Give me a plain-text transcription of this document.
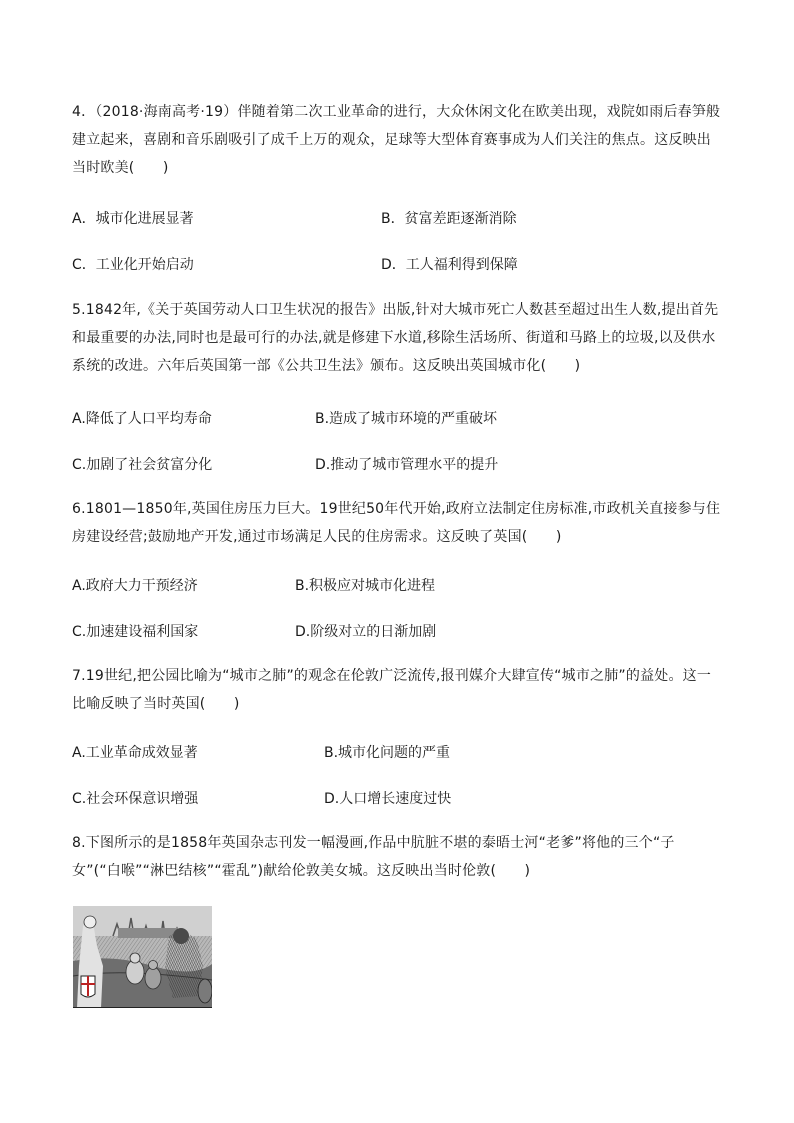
4．（2018·海南高考·19）伴随着第二次工业革命的进行，大众休闲文化在欧美出现，戏院如雨后春笋般建立起来，喜剧和音乐剧吸引了成千上万的观众，足球等大型体育赛事成为人们关注的焦点。这反映出当时欧美(　　)

A．城市化进展显著	B．贫富差距逐渐消除
C．工业化开始启动	D．工人福利得到保障

5.1842年,《关于英国劳动人口卫生状况的报告》出版,针对大城市死亡人数甚至超过出生人数,提出首先和最重要的办法,同时也是最可行的办法,就是修建下水道,移除生活场所、街道和马路上的垃圾,以及供水系统的改进。六年后英国第一部《公共卫生法》颁布。这反映出英国城市化(　　)

A.降低了人口平均寿命	B.造成了城市环境的严重破坏
C.加剧了社会贫富分化	D.推动了城市管理水平的提升

6.1801—1850年,英国住房压力巨大。19世纪50年代开始,政府立法制定住房标准,市政机关直接参与住房建设经营;鼓励地产开发,通过市场满足人民的住房需求。这反映了英国(　　)

A.政府大力干预经济	B.积极应对城市化进程
C.加速建设福利国家	D.阶级对立的日渐加剧

7.19世纪,把公园比喻为“城市之肺”的观念在伦敦广泛流传,报刊媒介大肆宣传“城市之肺”的益处。这一比喻反映了当时英国(　　)

A.工业革命成效显著	B.城市化问题的严重
C.社会环保意识增强	D.人口增长速度过快

8.下图所示的是1858年英国杂志刊发一幅漫画,作品中肮脏不堪的泰晤士河“老爹”将他的三个“子女”(“白喉”“淋巴结核”“霍乱”)献给伦敦美女城。这反映出当时伦敦(　　)
